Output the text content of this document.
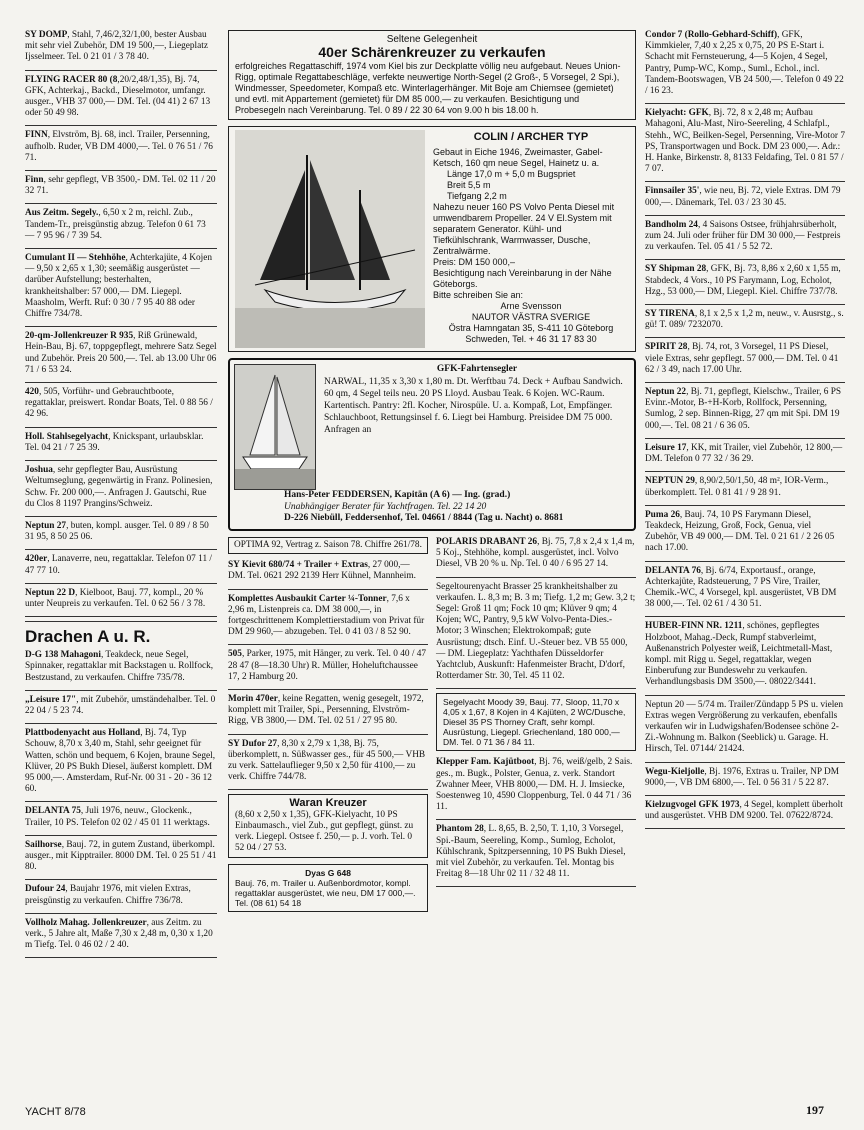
SY DOMP, Stahl, 7,46/2,32/1,00, bester Ausbau mit sehr viel Zubehör, DM 19 500,—, Liegeplatz Ijsselmeer. Tel. 0 21 01 / 3 78 40.
FLYING RACER 80 (8,20/2,48/1,35), Bj. 74, GFK, Achterkaj., Backd., Dieselmotor, umfangr. ausger., VHB 37 000,— DM. Tel. (04 41) 2 67 13 oder 50 49 98.
FINN, Elvström, Bj. 68, incl. Trailer, Persenning, aufholb. Ruder, VB DM 4000,—. Tel. 0 76 51 / 76 71.
Finn, sehr gepflegt, VB 3500,- DM. Tel. 02 11 / 20 32 71.
Aus Zeitm. Segely., 6,50 x 2 m, reichl. Zub., Tandem-Tr., preisgünstig abzug. Telefon 0 61 73 — 7 95 96 / 7 39 54.
Cumulant II — Stehhöhe, Achterkajüte, 4 Kojen — 9,50 x 2,65 x 1,30; seemäßig ausgerüstet — darüber Aufstellung; besterhalten, krankheitshalber: 57 000,— DM. Liegepl. Maasholm, Werft. Ruf: 0 30 / 7 95 40 88 oder Chiffre 734/78.
20-qm-Jollenkreuzer R 935, Riß Grünewald, Hein-Bau, Bj. 67, toppgepflegt, mehrere Satz Segel und Zubehör. Preis 20 500,—. Tel. ab 13.00 Uhr 06 71 / 6 53 24.
420, 505, Vorführ- und Gebrauchtboote, regattaklar, preiswert. Rondar Boats, Tel. 0 88 56 / 42 96.
Holl. Stahlsegelyacht, Knickspant, urlaubsklar. Tel. 04 21 / 7 25 39.
Joshua, sehr gepflegter Bau, Ausrüstung Weltumseglung, gegenwärtig in Franz. Polinesien, Schw. Fr. 200 000,—. Anfragen J. Gautschi, Rue du Clos 8 1197 Prangins/Schweiz.
Neptun 27, buten, kompl. ausger. Tel. 0 89 / 8 50 31 95, 8 50 25 06.
420er, Lanaverre, neu, regattaklar. Telefon 07 11 / 47 77 10.
Neptun 22 D, Kielboot, Bauj. 77, kompl., 20 % unter Neupreis zu verkaufen. Tel. 0 62 56 / 3 78.
Drachen A u. R.
D-G 138 Mahagoni, Teakdeck, neue Segel, Spinnaker, regattaklar mit Backstagen u. Rollfock, Bestzustand, zu verkaufen. Chiffre 735/78.
„Leisure 17", mit Zubehör, umständehalber. Tel. 0 22 04 / 5 23 74.
Plattbodenyacht aus Holland, Bj. 74, Typ Schouw, 8,70 x 3,40 m, Stahl, sehr geeignet für Watten, schön und bequem, 6 Kojen, braune Segel, Klüver, 20 PS Bukh Diesel, äußerst komplett. DM 95 000,—. Amsterdam, Ruf-Nr. 00 31 - 20 - 36 12 60.
DELANTA 75, Juli 1976, neuw., Glockenk., Trailer, 10 PS. Telefon 02 02 / 45 01 11 werktags.
Sailhorse, Bauj. 72, in gutem Zustand, überkompl. ausger., mit Kipptrailer. 8000 DM. Tel. 0 25 51 / 41 80.
Dufour 24, Baujahr 1976, mit vielen Extras, preisgünstig zu verkaufen. Chiffre 736/78.
Vollholz Mahag. Jollenkreuzer, aus Zeitm. zu verk., 5 Jahre alt, Maße 7,30 x 2,48 m, 0,30 x 1,20 m Tiefg. Tel. 0 46 02 / 2 40.
Seltene Gelegenheit
40er Schärenkreuzer zu verkaufen
erfolgreiches Regattaschiff, 1974 vom Kiel bis zur Deckplatte völlig neu aufgebaut. Neues Union-Rigg, optimale Regattabeschläge, verfekte neuwertige North-Segel (2 Groß-, 5 Vorsegel, 2 Spi.), Windmesser, Speedometer, Kompaß etc. Winterlagerhänger. Mit Boje am Chiemsee (gemietet) und evtl. mit Appartement (gemietet) für DM 85 000,— zu verkaufen. Besichtigung und Probesegeln nach Vereinbarung. Tel. 0 89 / 22 30 64 von 9.00 h bis 18.00 h.
COLIN / ARCHER TYP
Gebaut in Eiche 1946, Zweimaster, Gabel-Ketsch, 160 qm neue Segel, Hainetz u. a.
Länge 17,0 m + 5,0 m Bugspriet
Breit 5,5 m
Tiefgang 2,2 m
Nahezu neuer 160 PS Volvo Penta Diesel mit umwendbarem Propeller. 24 V El.System mit separatem Generator. Kühl- und Tiefkühlschrank, Warmwasser, Dusche, Zentralwärme.
Preis: DM 150 000,–
Besichtigung nach Vereinbarung in der Nähe Göteborgs.
Bitte schreiben Sie an:
Arne Svensson
NAUTOR VÄSTRA SVERIGE
Östra Hamngatan 35, S-411 10 Göteborg
Schweden, Tel. + 46 31 17 83 30
GFK-Fahrtensegler
NARWAL, 11,35 x 3,30 x 1,80 m. Dt. Werftbau 74. Deck + Aufbau Sandwich. 60 qm, 4 Segel teils neu. 20 PS Lloyd. Ausbau Teak. 6 Kojen. WC-Raum. Kartentisch. Pantry: 2fl. Kocher, Nirospüle. U. a. Kompaß, Lot, Empfänger. Schlauchboot, Rettungsinsel f. 6. Liegt bei Hamburg. Preisidee DM 75 000. Anfragen an
Hans-Peter FEDDERSEN, Kapitän (A 6) — Ing. (grad.)
Unabhängiger Berater für Yachtfragen. Tel. 22 14 20
D-226 Niebüll, Feddersenhof, Tel. 04661 / 8844 (Tag u. Nacht) o. 8681
OPTIMA 92, Vertrag z. Saison 78. Chiffre 261/78.
SY Kievit 680/74 + Trailer + Extras, 27 000,— DM. Tel. 0621 292 2139 Herr Kühnel, Mannheim.
Komplettes Ausbaukit Carter ¼-Tonner, 7,6 x 2,96 m, Listenpreis ca. DM 38 000,—, in fortgeschrittenem Komplettierstadium von Privat für DM 29 960,— abzugeben. Tel. 0 41 03 / 8 52 90.
505, Parker, 1975, mit Hänger, zu verk. Tel. 0 40 / 47 28 47 (8—18.30 Uhr) R. Müller, Hoheluftchaussee 17, 2 Hamburg 20.
Morin 470er, keine Regatten, wenig gesegelt, 1972, komplett mit Trailer, Spi., Persenning, Elvström-Rigg, VB 3800,— DM. Tel. 02 51 / 27 95 80.
SY Dufor 27, 8,30 x 2,79 x 1,38, Bj. 75, überkomplett, n. Süßwasser ges., für 45 500,— VHB zu verk. Sattelauflieger 9,50 x 2,50 für 4100,— zu verk. Chiffre 744/78.
Waran Kreuzer
(8,60 x 2,50 x 1,35), GFK-Kielyacht, 10 PS Einbaumasch., viel Zub., gut gepflegt, günst. zu verk. Liegepl. Ostsee f. 250,— p. J. vorh. Tel. 0 52 04 / 27 53.
Dyas G 648
Bauj. 76, m. Trailer u. Außenbordmotor, kompl. regattaklar ausgerüstet, wie neu, DM 17 000,—. Tel. (08 61) 54 18
POLARIS DRABANT 26, Bj. 75, 7,8 x 2,4 x 1,4 m, 5 Koj., Stehhöhe, kompl. ausgerüstet, incl. Volvo Diesel, VB 20 % u. Np. Tel. 0 40 / 6 95 27 14.
Segeltourenyacht Brasser 25 krankheitshalber zu verkaufen. L. 8,3 m; B. 3 m; Tiefg. 1,2 m; Gew. 3,2 t; Segel: Groß 11 qm; Fock 10 qm; Klüver 9 qm; 4 Kojen; WC, Pantry, 9,5 kW Volvo-Penta-Dies.-Motor; 3 Winschen; Elektrokompaß; gute Ausrüstung; dtsch. Einf. U.-Steuer bez. VB 55 000,— DM. Liegeplatz: Yachthafen Düsseldorfer Yachtclub, Auskunft: Hafenmeister Bracht, D'dorf, Rotterdamer Str. 30, Tel. 45 11 02.
Segelyacht Moody 39, Bauj. 77, Sloop, 11,70 x 4,05 x 1,67, 8 Kojen in 4 Kajüten, 2 WC/Dusche, Diesel 35 PS Thorney Craft, sehr kompl. Ausrüstung, Liegepl. Griechenland, 180 000,— DM. Tel. 0 71 36 / 84 11.
Klepper Fam. Kajütboot, Bj. 76, weiß/gelb, 2 Sais. ges., m. Bugk., Polster, Genua, z. verk. Standort Zwahner Meer, VHB 8000,— DM. H. J. Imsiecke, Soestenweg 10, 4590 Cloppenburg, Tel. 0 44 71 / 36 11.
Phantom 28, L. 8,65, B. 2,50, T. 1,10, 3 Vorsegel, Spi.-Baum, Seereling, Komp., Sumlog, Echolot, Kühlschrank, Spitzpersenning, 10 PS Bukh Diesel, mit viel Zubehör, zu verkaufen. Tel. Montag bis Freitag 8—18 Uhr 02 11 / 32 48 11.
Condor 7 (Rollo-Gebhard-Schiff), GFK, Kimmkieler, 7,40 x 2,25 x 0,75, 20 PS E-Start i. Schacht mit Fernsteuerung, 4—5 Kojen, 4 Segel, Pantry, Pump-WC, Komp., Suml., Echol., incl. Tandem-Bootswagen, VB 24 500,—. Telefon 0 49 22 / 16 23.
Kielyacht: GFK, Bj. 72, 8 x 2,48 m; Aufbau Mahagoni, Alu-Mast, Niro-Seereling, 4 Schlafpl., Stehh., WC, Beilken-Segel, Persenning, Vire-Motor 7 PS, Transportwagen und Bock. DM 23 000,—. Adr.: H. Hanke, Birkenstr. 8, 8133 Feldafing, Tel. 0 81 57 / 7 07.
Finnsailer 35', wie neu, Bj. 72, viele Extras. DM 79 000,—. Dänemark, Tel. 03 / 23 30 45.
Bandholm 24, 4 Saisons Ostsee, frühjahrsüberholt, zum 24. Juli oder früher für DM 30 000,— Festpreis zu verkaufen. Tel. 05 41 / 5 52 72.
SY Shipman 28, GFK, Bj. 73, 8,86 x 2,60 x 1,55 m, Stabdeck, 4 Vors., 10 PS Farymann, Log, Echolot, Hzg., 53 000,— DM, Liegepl. Kiel. Chiffre 737/78.
SY TIRENA, 8,1 x 2,5 x 1,2 m, neuw., v. Ausrstg., s. gü! T. 089/ 7232070.
SPIRIT 28, Bj. 74, rot, 3 Vorsegel, 11 PS Diesel, viele Extras, sehr gepflegt. 57 000,— DM. Tel. 0 41 62 / 3 49, nach 17.00 Uhr.
Neptun 22, Bj. 71, gepflegt, Kielschw., Trailer, 6 PS Evinr.-Motor, B-+H-Korb, Rollfock, Persenning, Sumlog, 2 sep. Binnen-Rigg, 27 qm mit Spi. DM 19 000,—. Tel. 08 21 / 6 36 05.
Leisure 17, KK, mit Trailer, viel Zubehör, 12 800,— DM. Telefon 0 77 32 / 36 29.
NEPTUN 29, 8,90/2,50/1,50, 48 m², IOR-Verm., überkomplett. Tel. 0 81 41 / 9 28 91.
Puma 26, Bauj. 74, 10 PS Farymann Diesel, Teakdeck, Heizung, Groß, Fock, Genua, viel Zubehör, VB 49 000,— DM. Tel. 0 21 61 / 2 26 05 nach 17.00.
DELANTA 76, Bj. 6/74, Exportausf., orange, Achterkajüte, Radsteuerung, 7 PS Vire, Trailer, Chemik.-WC, 4 Vorsegel, kpl. ausgerüstet, VB DM 38 000,—. Tel. 02 61 / 4 30 51.
HUBER-FINN NR. 1211, schönes, gepflegtes Holzboot, Mahag.-Deck, Rumpf stabverleimt, Außenanstrich Polyester weiß, Leichtmetall-Mast, kompl. mit Rigg u. Segel, regattaklar, wegen Einberufung zur Bundeswehr zu verkaufen. Verhandlungsbasis DM 3500,—. 08022/3441.
Neptun 20 — 5/74 m. Trailer/Zündapp 5 PS u. vielen Extras wegen Vergrößerung zu verkaufen, ebenfalls verkaufen wir in Ludwigshafen/Bodensee schöne 2-Zi.-Wohnung m. Balkon (Seeblick) u. Garage. H. Hirsch, Tel. 07144/ 21424.
Wegu-Kieljolle, Bj. 1976, Extras u. Trailer, NP DM 9000,—, VB DM 6800,—. Tel. 0 56 31 / 5 22 87.
Kielzugvogel GFK 1973, 4 Segel, komplett überholt und ausgerüstet. VHB DM 9200. Tel. 07622/8724.
YACHT 8/78	197
